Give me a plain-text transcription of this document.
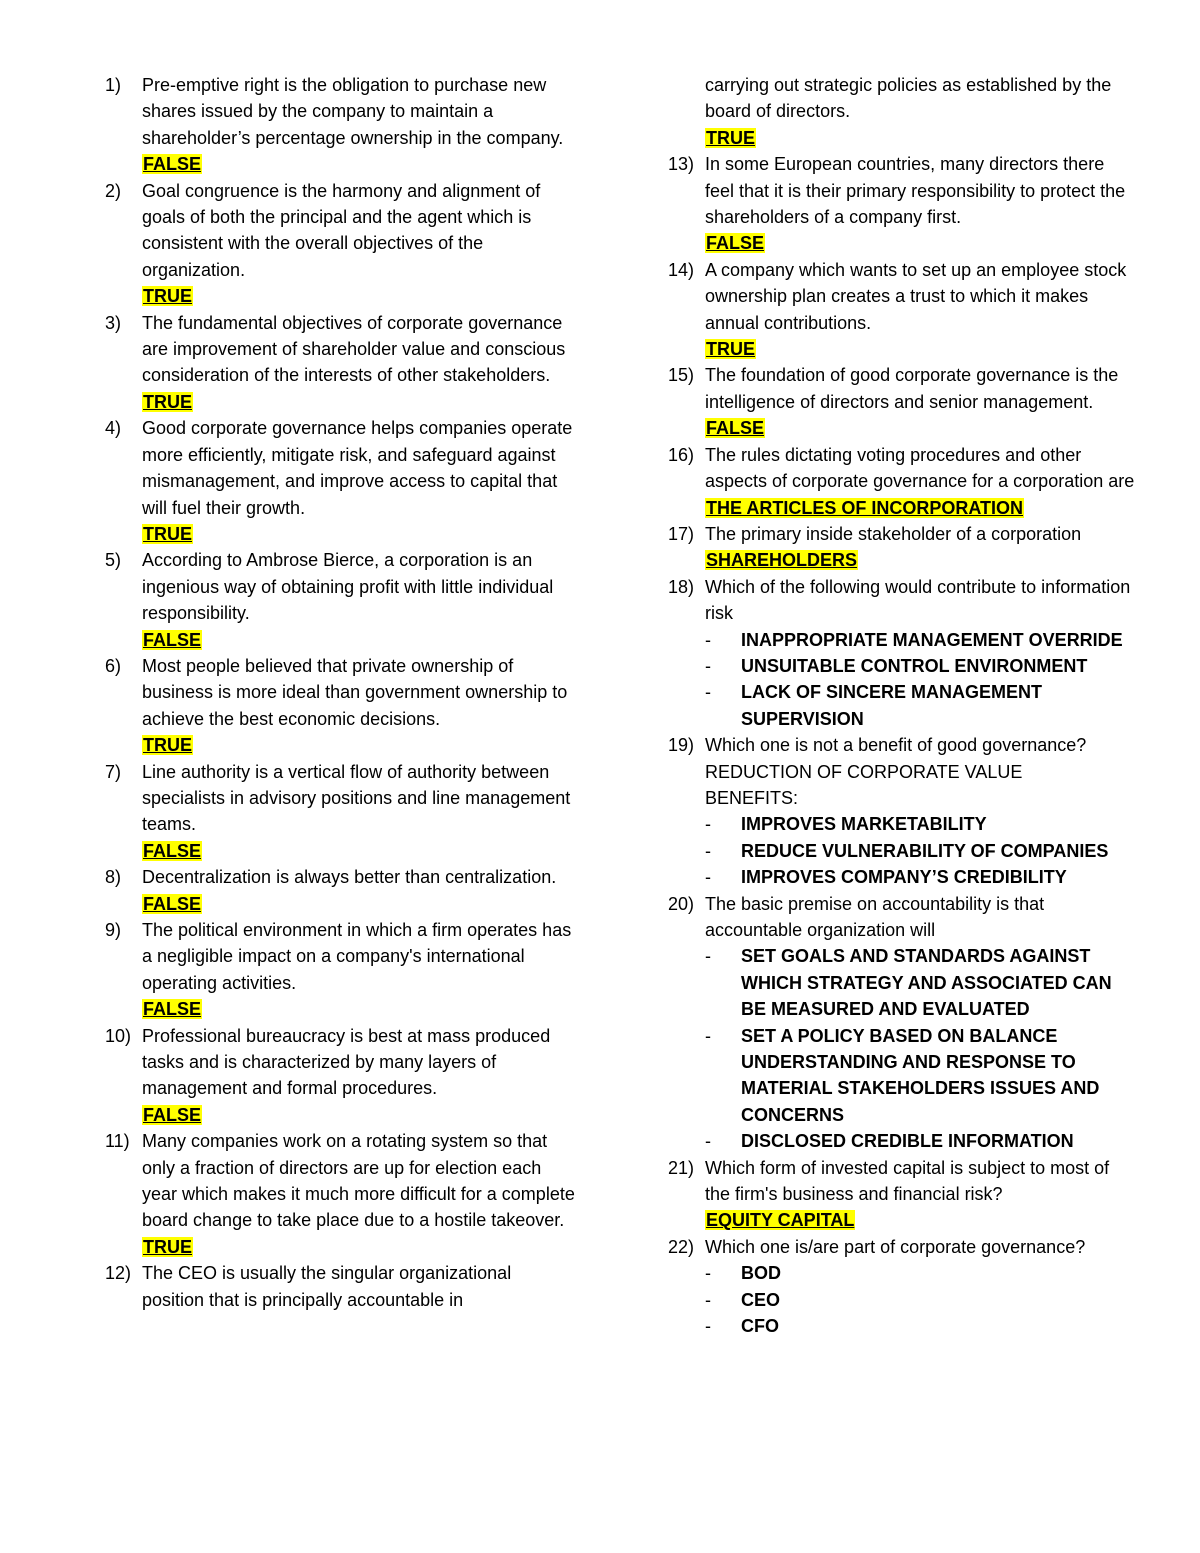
1) Pre-emptive right is the obligation to purchase new shares issued by the company to maintain a shareholder’s percentage ownership in the company.
FALSE
2) Goal congruence is the harmony and alignment of goals of both the principal and the agent which is consistent with the overall objectives of the organization.
TRUE
3) The fundamental objectives of corporate governance are improvement of shareholder value and conscious consideration of the interests of other stakeholders.
TRUE
4) Good corporate governance helps companies operate more efficiently, mitigate risk, and safeguard against mismanagement, and improve access to capital that will fuel their growth.
TRUE
5) According to Ambrose Bierce, a corporation is an ingenious way of obtaining profit with little individual responsibility.
FALSE
6) Most people believed that private ownership of business is more ideal than government ownership to achieve the best economic decisions.
TRUE
7) Line authority is a vertical flow of authority between specialists in advisory positions and line management teams.
FALSE
8) Decentralization is always better than centralization.
FALSE
9) The political environment in which a firm operates has a negligible impact on a company's international operating activities.
FALSE
10) Professional bureaucracy is best at mass produced tasks and is characterized by many layers of management and formal procedures.
FALSE
11) Many companies work on a rotating system so that only a fraction of directors are up for election each year which makes it much more difficult for a complete board change to take place due to a hostile takeover.
TRUE
12) The CEO is usually the singular organizational position that is principally accountable in
carrying out strategic policies as established by the board of directors.
TRUE
13) In some European countries, many directors there feel that it is their primary responsibility to protect the shareholders of a company first.
FALSE
14) A company which wants to set up an employee stock ownership plan creates a trust to which it makes annual contributions.
TRUE
15) The foundation of good corporate governance is the intelligence of directors and senior management.
FALSE
16) The rules dictating voting procedures and other aspects of corporate governance for a corporation are
THE ARTICLES OF INCORPORATION
17) The primary inside stakeholder of a corporation
SHAREHOLDERS
18) Which of the following would contribute to information risk
- INAPPROPRIATE MANAGEMENT OVERRIDE
- UNSUITABLE CONTROL ENVIRONMENT
- LACK OF SINCERE MANAGEMENT SUPERVISION
19) Which one is not a benefit of good governance?
REDUCTION OF CORPORATE VALUE
BENEFITS:
- IMPROVES MARKETABILITY
- REDUCE VULNERABILITY OF COMPANIES
- IMPROVES COMPANY’S CREDIBILITY
20) The basic premise on accountability is that accountable organization will
- SET GOALS AND STANDARDS AGAINST WHICH STRATEGY AND ASSOCIATED CAN BE MEASURED AND EVALUATED
- SET A POLICY BASED ON BALANCE UNDERSTANDING AND RESPONSE TO MATERIAL STAKEHOLDERS ISSUES AND CONCERNS
- DISCLOSED CREDIBLE INFORMATION
21) Which form of invested capital is subject to most of the firm's business and financial risk?
EQUITY CAPITAL
22) Which one is/are part of corporate governance?
- BOD
- CEO
- CFO
